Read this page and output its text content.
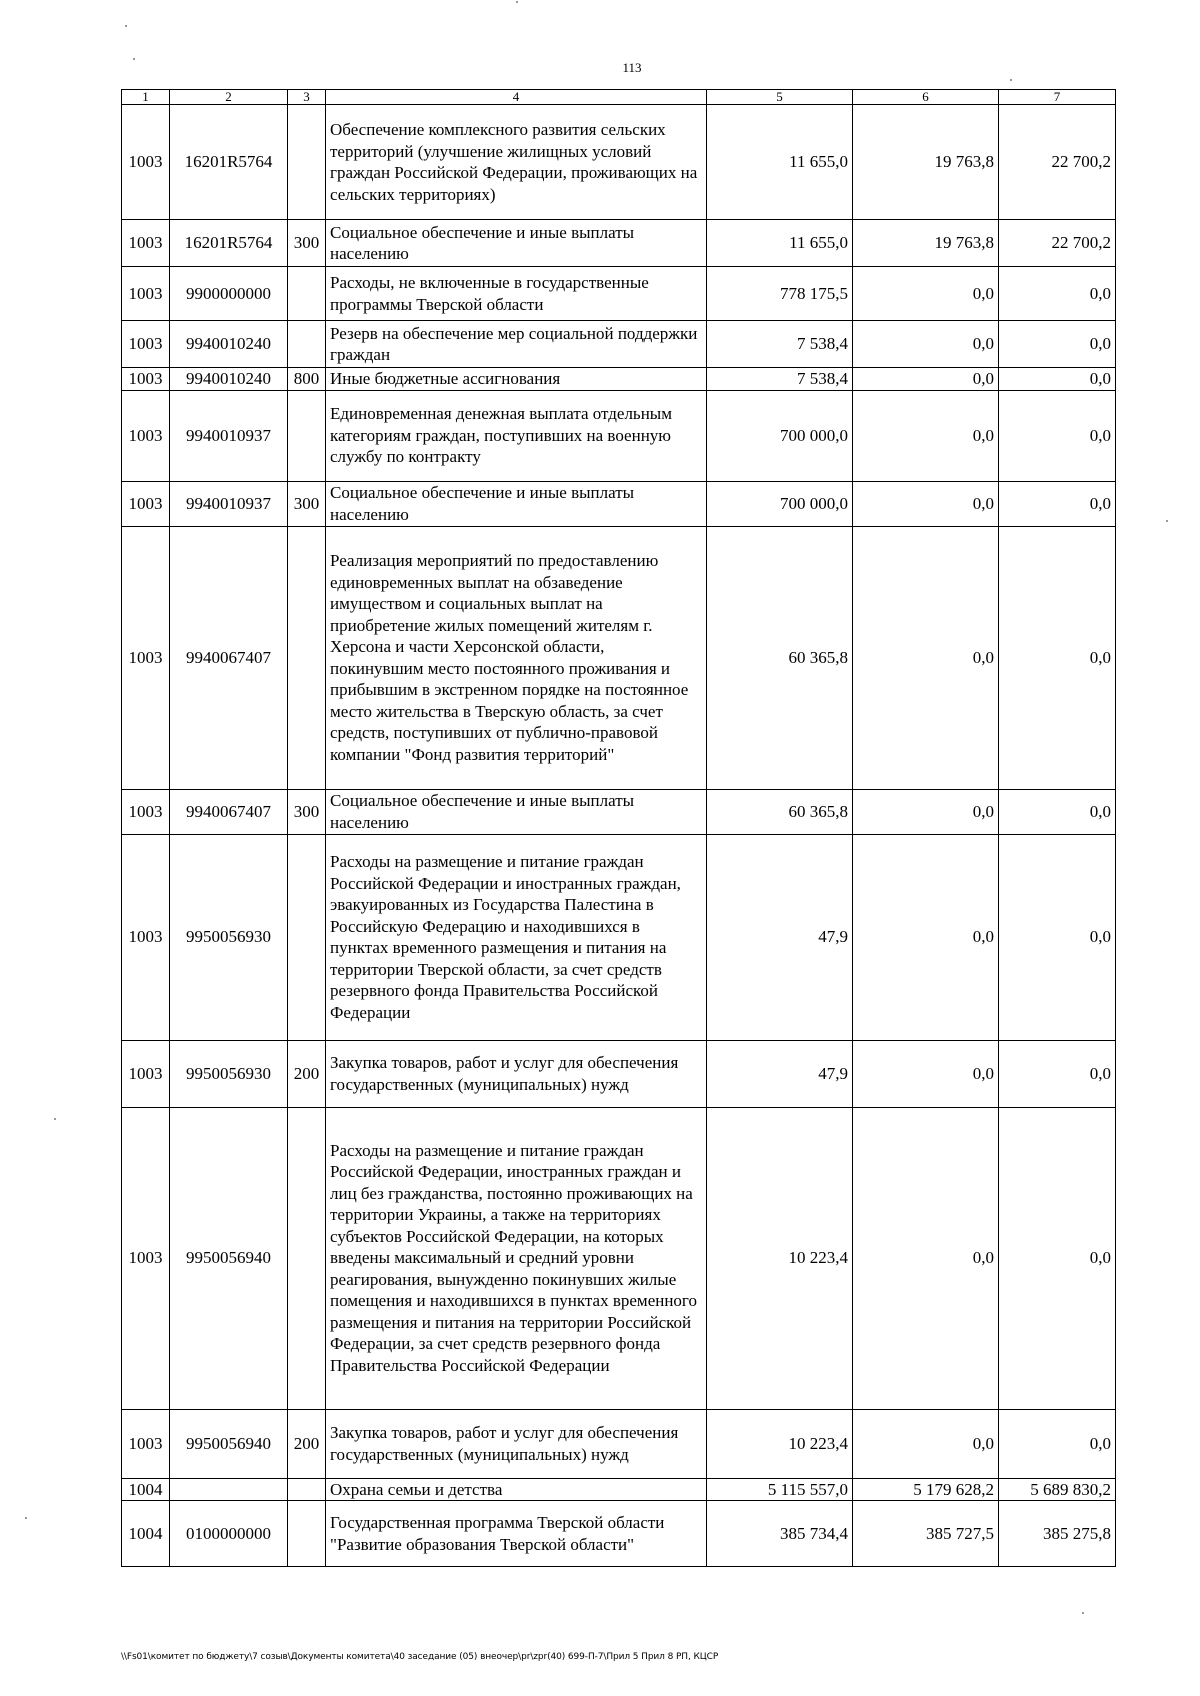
113
1	2	3	4	5	6	7
1003	16201R5764		Обеспечение комплексного развития сельских территорий (улучшение жилищных условий граждан Российской Федерации, проживающих на сельских территориях)	11 655,0	19 763,8	22 700,2
1003	16201R5764	300	Социальное обеспечение и иные выплаты населению	11 655,0	19 763,8	22 700,2
1003	9900000000		Расходы, не включенные в государственные программы Тверской области	778 175,5	0,0	0,0
1003	9940010240		Резерв на обеспечение мер социальной поддержки граждан	7 538,4	0,0	0,0
1003	9940010240	800	Иные бюджетные ассигнования	7 538,4	0,0	0,0
1003	9940010937		Единовременная денежная выплата отдельным категориям граждан, поступивших на военную службу по контракту	700 000,0	0,0	0,0
1003	9940010937	300	Социальное обеспечение и иные выплаты населению	700 000,0	0,0	0,0
1003	9940067407		Реализация мероприятий по предоставлению единовременных выплат на обзаведение имуществом и социальных выплат на приобретение жилых помещений жителям г. Херсона и части Херсонской области, покинувшим место постоянного проживания и прибывшим в экстренном порядке на постоянное место жительства в Тверскую область, за счет средств, поступивших от публично-правовой компании "Фонд развития территорий"	60 365,8	0,0	0,0
1003	9940067407	300	Социальное обеспечение и иные выплаты населению	60 365,8	0,0	0,0
1003	9950056930		Расходы на размещение и питание граждан Российской Федерации и иностранных граждан, эвакуированных из Государства Палестина в Российскую Федерацию и находившихся в пунктах временного размещения и питания на территории Тверской области, за счет средств резервного фонда Правительства Российской Федерации	47,9	0,0	0,0
1003	9950056930	200	Закупка товаров, работ и услуг для обеспечения государственных (муниципальных) нужд	47,9	0,0	0,0
1003	9950056940		Расходы на размещение и питание граждан Российской Федерации, иностранных граждан и лиц без гражданства, постоянно проживающих на территории Украины, а также на территориях субъектов Российской Федерации, на которых введены максимальный и средний уровни реагирования, вынужденно покинувших жилые помещения и находившихся в пунктах временного размещения и питания на территории Российской Федерации, за счет средств резервного фонда Правительства Российской Федерации	10 223,4	0,0	0,0
1003	9950056940	200	Закупка товаров, работ и услуг для обеспечения государственных (муниципальных) нужд	10 223,4	0,0	0,0
1004			Охрана семьи и детства	5 115 557,0	5 179 628,2	5 689 830,2
1004	0100000000		Государственная программа Тверской области "Развитие образования Тверской области"	385 734,4	385 727,5	385 275,8
\\Fs01\комитет по бюджету\7 созыв\Документы комитета\40 заседание (05) внеочер\pr\zpr(40) 699-П-7\Прил 5 Прил 8 РП, КЦСР
